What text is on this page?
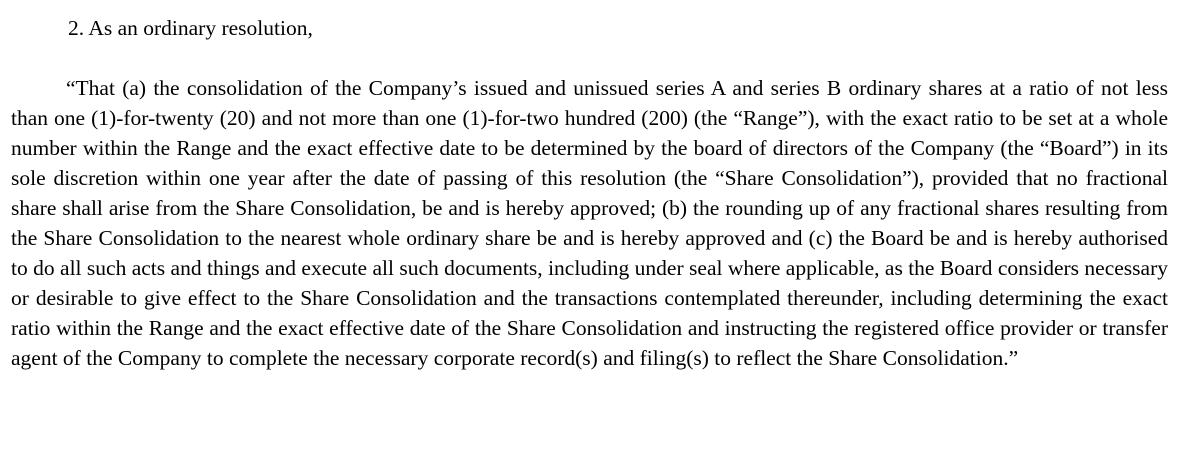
2. As an ordinary resolution,

“That (a) the consolidation of the Company’s issued and unissued series A and series B ordinary shares at a ratio of not less than one (1)-for-twenty (20) and not more than one (1)-for-two hundred (200) (the “Range”), with the exact ratio to be set at a whole number within the Range and the exact effective date to be determined by the board of directors of the Company (the “Board”) in its sole discretion within one year after the date of passing of this resolution (the “Share Consolidation”), provided that no fractional share shall arise from the Share Consolidation, be and is hereby approved; (b) the rounding up of any fractional shares resulting from the Share Consolidation to the nearest whole ordinary share be and is hereby approved and (c) the Board be and is hereby authorised to do all such acts and things and execute all such documents, including under seal where applicable, as the Board considers necessary or desirable to give effect to the Share Consolidation and the transactions contemplated thereunder, including determining the exact ratio within the Range and the exact effective date of the Share Consolidation and instructing the registered office provider or transfer agent of the Company to complete the necessary corporate record(s) and filing(s) to reflect the Share Consolidation.”
